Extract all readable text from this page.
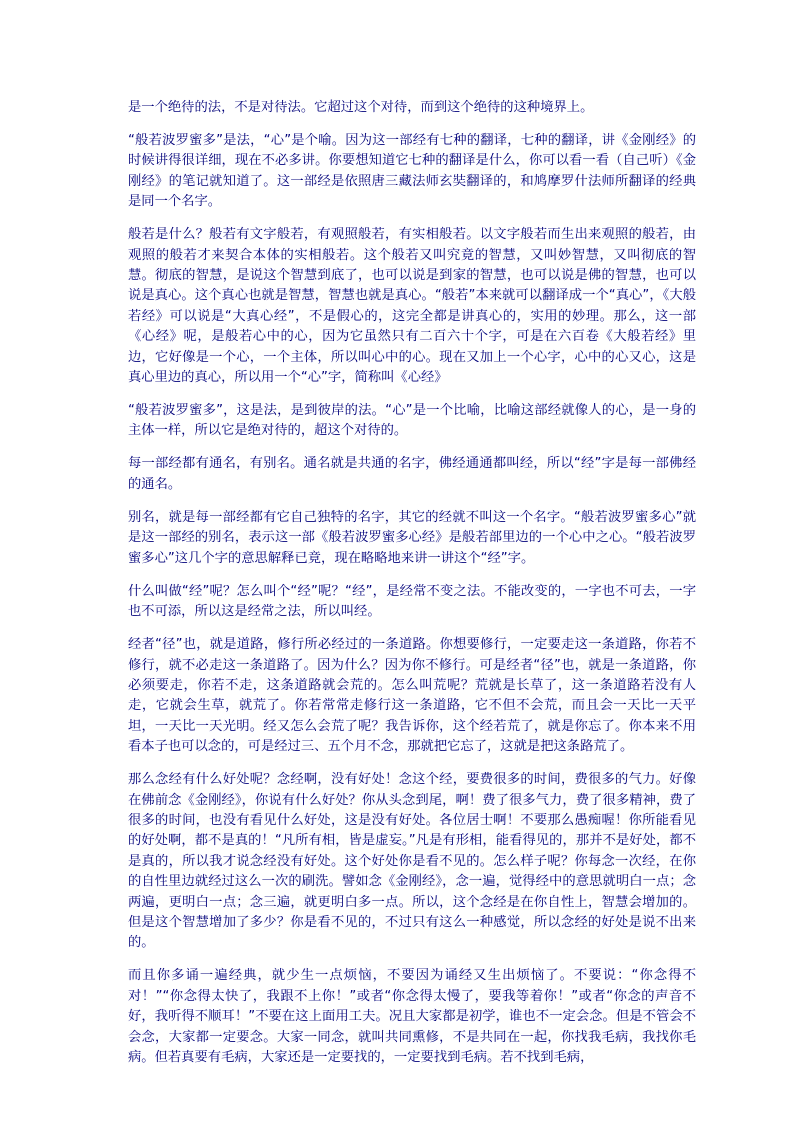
是一个绝待的法，不是对待法。它超过这个对待，而到这个绝待的这种境界上。

“般若波罗蜜多”是法，“心”是个喻。因为这一部经有七种的翻译，七种的翻译，讲《金刚经》的时候讲得很详细，现在不必多讲。你要想知道它七种的翻译是什么，你可以看一看（自己听）《金刚经》的笔记就知道了。这一部经是依照唐三藏法师玄奘翻译的，和鸠摩罗什法师所翻译的经典是同一个名字。

般若是什么？般若有文字般若，有观照般若，有实相般若。以文字般若而生出来观照的般若，由观照的般若才来契合本体的实相般若。这个般若又叫究竟的智慧，又叫妙智慧，又叫彻底的智慧。彻底的智慧，是说这个智慧到底了，也可以说是到家的智慧，也可以说是佛的智慧，也可以说是真心。这个真心也就是智慧，智慧也就是真心。“般若”本来就可以翻译成一个“真心”，《大般若经》可以说是“大真心经”，不是假心的，这完全都是讲真心的，实用的妙理。那么，这一部《心经》呢，是般若心中的心，因为它虽然只有二百六十个字，可是在六百卷《大般若经》里边，它好像是一个心，一个主体，所以叫心中的心。现在又加上一个心字，心中的心又心，这是真心里边的真心，所以用一个“心”字，简称叫《心经》

“般若波罗蜜多”，这是法，是到彼岸的法。“心”是一个比喻，比喻这部经就像人的心，是一身的主体一样，所以它是绝对待的，超这个对待的。

每一部经都有通名，有别名。通名就是共通的名字，佛经通通都叫经，所以“经”字是每一部佛经的通名。

别名，就是每一部经都有它自己独特的名字，其它的经就不叫这一个名字。“般若波罗蜜多心”就是这一部经的别名，表示这一部《般若波罗蜜多心经》是般若部里边的一个心中之心。“般若波罗蜜多心”这几个字的意思解释已竟，现在略略地来讲一讲这个“经”字。

什么叫做“经”呢？怎么叫个“经”呢？“经”，是经常不变之法。不能改变的，一字也不可去，一字也不可添，所以这是经常之法，所以叫经。

经者“径”也，就是道路，修行所必经过的一条道路。你想要修行，一定要走这一条道路，你若不修行，就不必走这一条道路了。因为什么？因为你不修行。可是经者“径”也，就是一条道路，你必须要走，你若不走，这条道路就会荒的。怎么叫荒呢？荒就是长草了，这一条道路若没有人走，它就会生草，就荒了。你若常常走修行这一条道路，它不但不会荒，而且会一天比一天平坦，一天比一天光明。经又怎么会荒了呢？我告诉你，这个经若荒了，就是你忘了。你本来不用看本子也可以念的，可是经过三、五个月不念，那就把它忘了，这就是把这条路荒了。

那么念经有什么好处呢？念经啊，没有好处！念这个经，要费很多的时间，费很多的气力。好像在佛前念《金刚经》，你说有什么好处？你从头念到尾，啊！费了很多气力，费了很多精神，费了很多的时间，也没有看见什么好处，这是没有好处。各位居士啊！不要那么愚痴喔！你所能看见的好处啊，都不是真的！“凡所有相，皆是虚妄。”凡是有形相，能看得见的，那并不是好处，都不是真的，所以我才说念经没有好处。这个好处你是看不见的。怎么样子呢？你每念一次经，在你的自性里边就经过这么一次的刷洗。譬如念《金刚经》，念一遍，觉得经中的意思就明白一点；念两遍，更明白一点；念三遍，就更明白多一点。所以，这个念经是在你自性上，智慧会增加的。但是这个智慧增加了多少？你是看不见的，不过只有这么一种感觉，所以念经的好处是说不出来的。

而且你多诵一遍经典，就少生一点烦恼，不要因为诵经又生出烦恼了。不要说：“你念得不对！”“你念得太快了，我跟不上你！”或者“你念得太慢了，要我等着你！”或者“你念的声音不好，我听得不顺耳！”不要在这上面用工夫。况且大家都是初学，谁也不一定会念。但是不管会不会念，大家都一定要念。大家一同念，就叫共同熏修，不是共同在一起，你找我毛病，我找你毛病。但若真要有毛病，大家还是一定要找的，一定要找到毛病。若不找到毛病，
